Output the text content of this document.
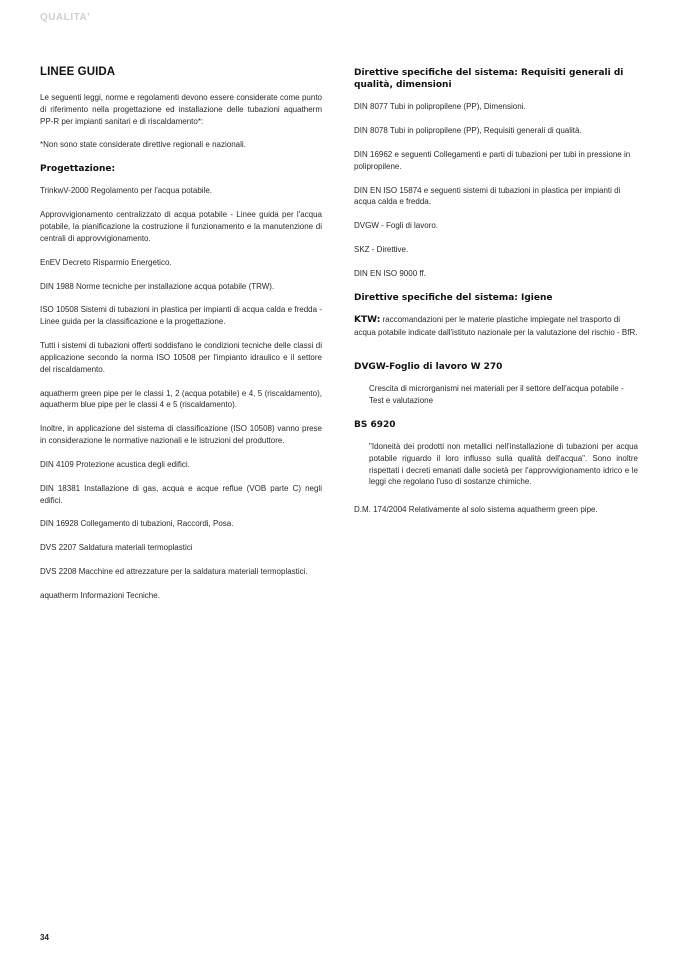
QUALITA'
LINEE GUIDA

Le seguenti leggi, norme e regolamenti devono essere considerate come punto di riferimento nella progettazione ed installazione delle tubazioni aquatherm PP-R per impianti sanitari e di riscaldamento*:

*Non sono state considerate direttive regionali e nazionali.

Progettazione:

TrinkwV-2000 Regolamento per l'acqua potabile.

Approvvigionamento centralizzato di acqua potabile - Linee guida per l'acqua potabile, la pianificazione la costruzione il funzionamento e la manutenzione di centrali di approvvigionamento.

EnEV Decreto Risparmio Energetico.

DIN 1988 Norme tecniche per installazione acqua potabile (TRW).

ISO 10508 Sistemi di tubazioni in plastica per impianti di acqua calda e fredda - Linee guida per la classificazione e la progettazione.

Tutti i sistemi di tubazioni offerti soddisfano le condizioni tecniche delle classi di applicazione secondo la norma ISO 10508 per l'impianto idraulico e il settore del riscaldamento.

aquatherm green pipe per le classi 1, 2 (acqua potabile) e 4, 5 (riscaldamento), aquatherm blue pipe per le classi 4 e 5 (riscaldamento).

Inoltre, in applicazione del sistema di classificazione (ISO 10508) vanno prese in considerazione le normative nazionali e le istruzioni del produttore.

DIN 4109 Protezione acustica degli edifici.

DIN 18381 Installazione di gas, acqua e acque reflue (VOB parte C) negli edifici.

DIN 16928 Collegamento di tubazioni, Raccordi, Posa.

DVS 2207 Saldatura materiali termoplastici

DVS 2208 Macchine ed attrezzature per la saldatura materiali termoplastici.

aquatherm Informazioni Tecniche.

Direttive specifiche del sistema: Requisiti generali di qualità, dimensioni

DIN 8077 Tubi in polipropilene (PP), Dimensioni.

DIN 8078 Tubi in polipropilene (PP), Requisiti generali di qualità.

DIN 16962 e seguenti Collegamenti e parti di tubazioni per tubi in pressione in polipropilene.

DIN EN ISO 15874 e seguenti sistemi di tubazioni in plastica per impianti di acqua calda e fredda.

DVGW - Fogli di lavoro.

SKZ - Direttive.

DIN EN ISO 9000 ff.

Direttive specifiche del sistema: Igiene

KTW: raccomandazioni per le materie plastiche impiegate nel trasporto di acqua potabile indicate dall'istituto nazionale per la valutazione del rischio - BfR.

DVGW-Foglio di lavoro W 270

Crescita di microrganismi nei materiali per il settore dell'acqua potabile - Test e valutazione

BS 6920

"Idoneità dei prodotti non metallici nell'installazione di tubazioni per acqua potabile riguardo il loro influsso sulla qualità dell'acqua". Sono inoltre rispettati i decreti emanati dalle società per l'approvvigionamento idrico e le leggi che regolano l'uso di sostanze chimiche.

D.M. 174/2004 Relativamente al solo sistema aquatherm green pipe.

34
